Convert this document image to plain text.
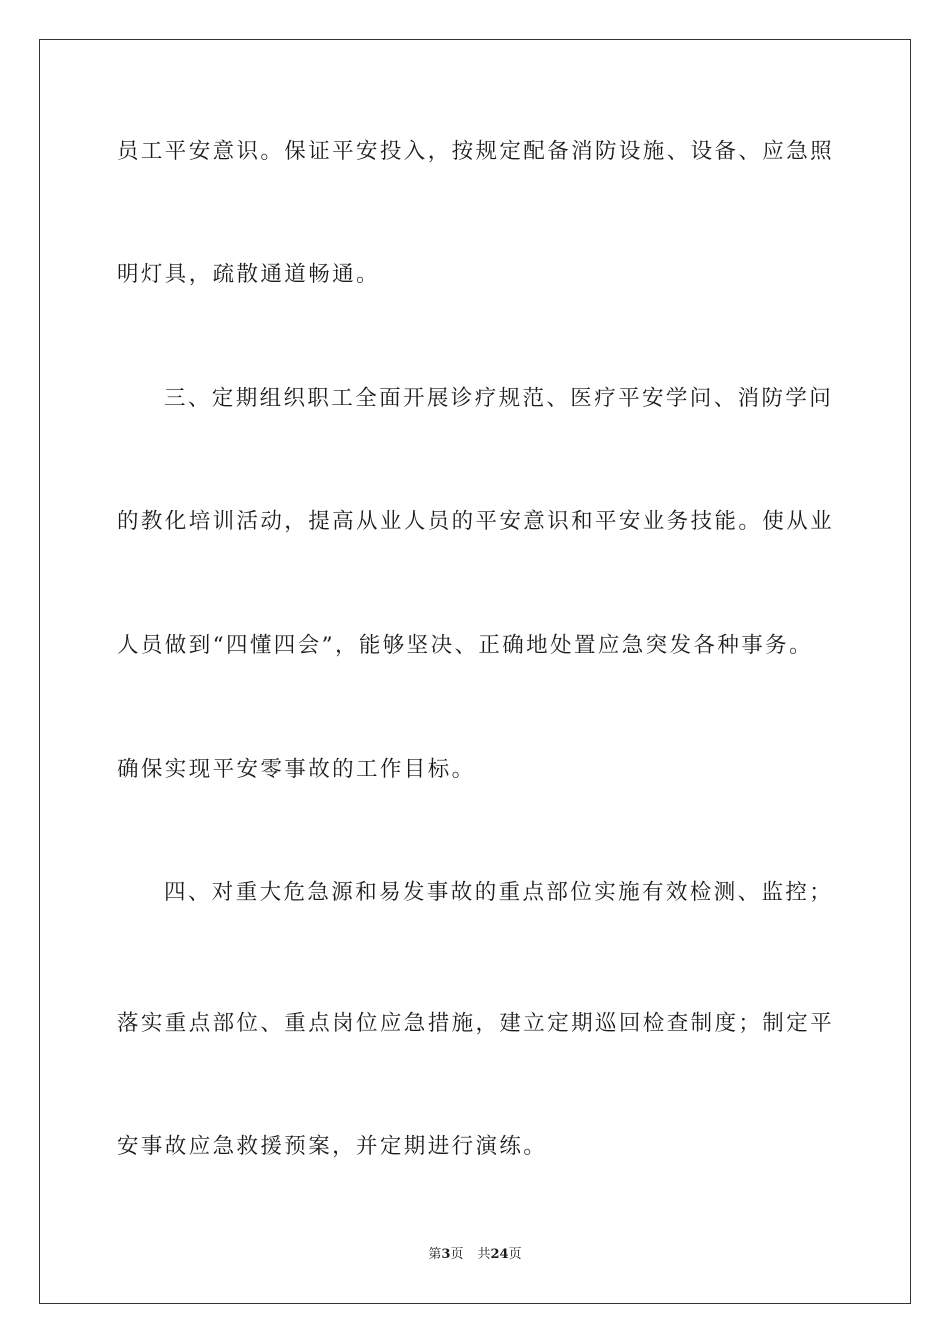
员工平安意识。保证平安投入，按规定配备消防设施、设备、应急照
明灯具，疏散通道畅通。
三、定期组织职工全面开展诊疗规范、医疗平安学问、消防学问
的教化培训活动，提高从业人员的平安意识和平安业务技能。使从业
人员做到“四懂四会”，能够坚决、正确地处置应急突发各种事务。
确保实现平安零事故的工作目标。
四、对重大危急源和易发事故的重点部位实施有效检测、监控；
落实重点部位、重点岗位应急措施，建立定期巡回检查制度；制定平
安事故应急救援预案，并定期进行演练。
第3页 共24页
